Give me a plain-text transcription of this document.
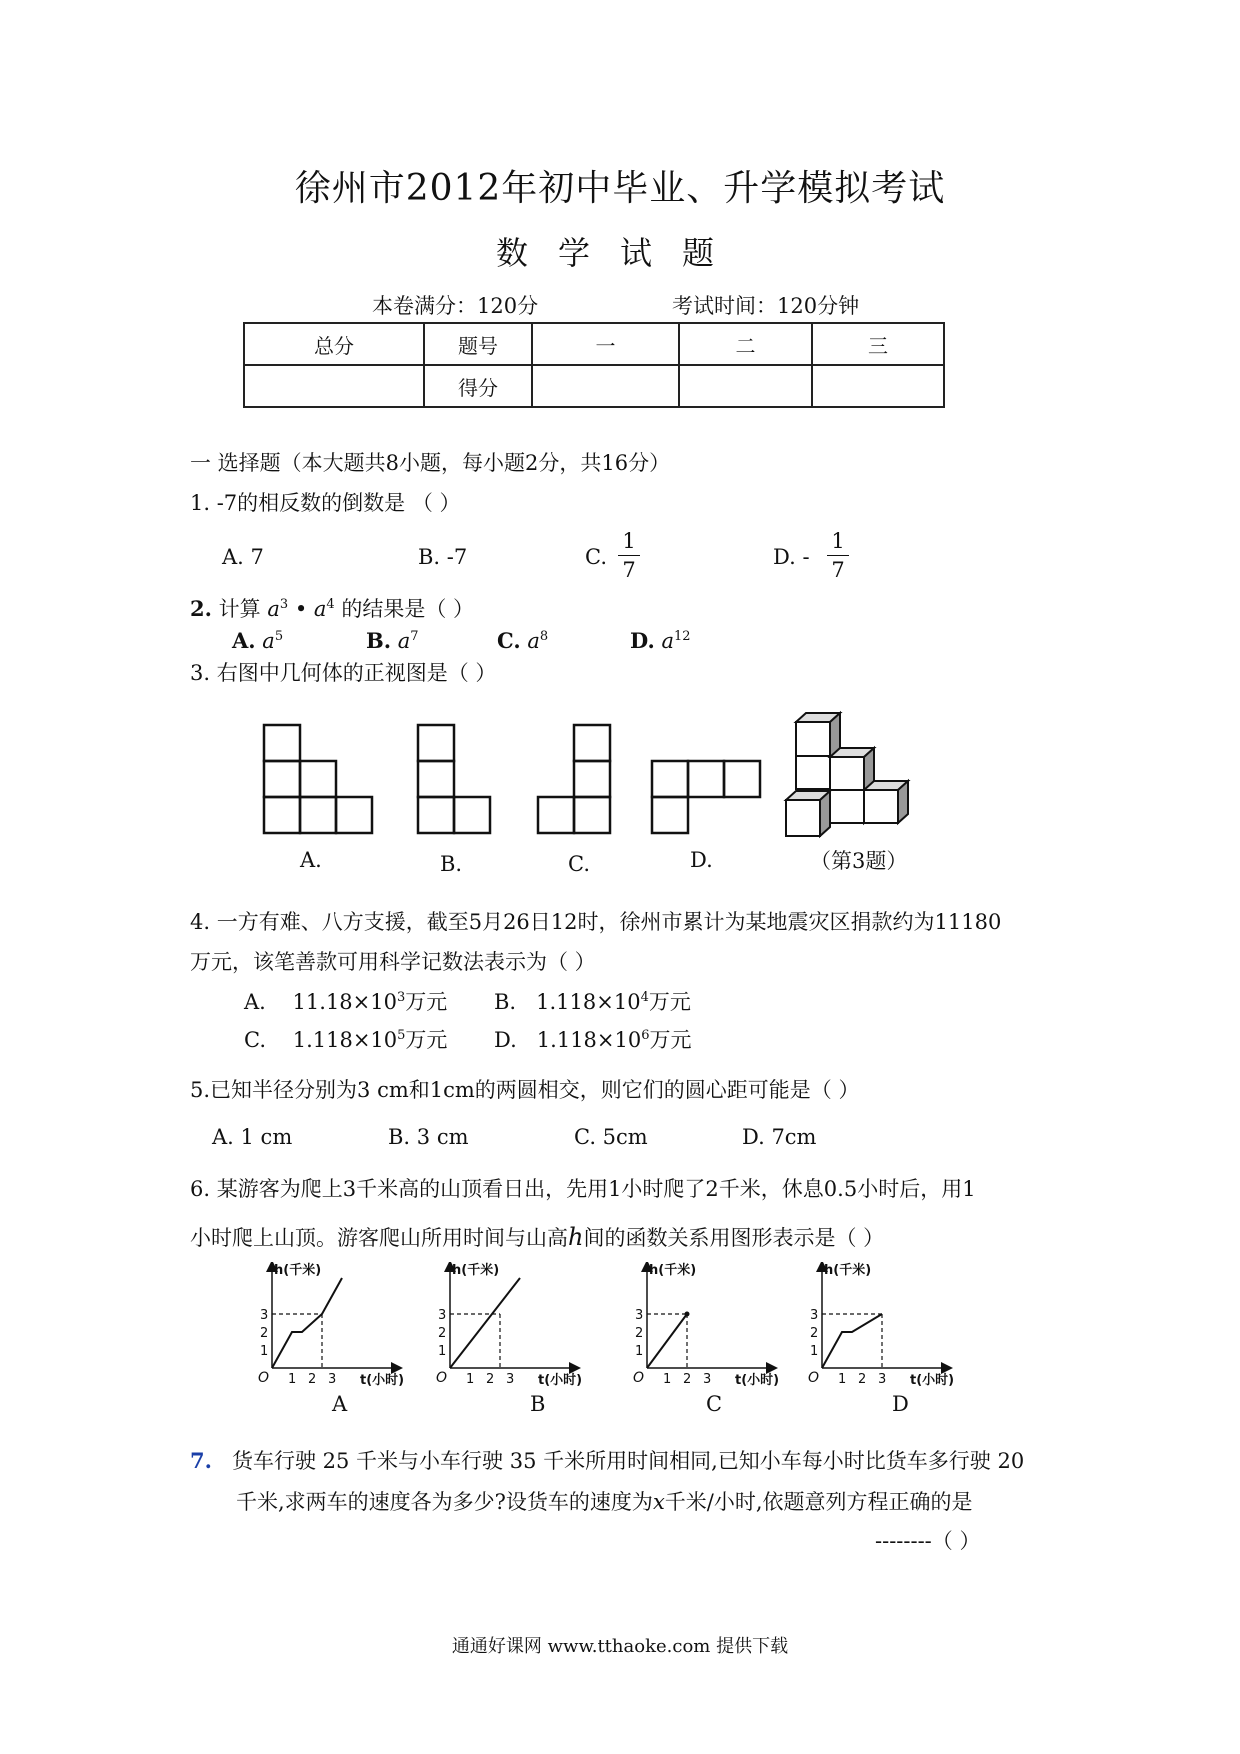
徐州市2012年初中毕业、升学模拟考试
数学试题
本卷满分：120分	考试时间：120分钟
总分	题号	一	二	三
	得分			
一 选择题（本大题共8小题，每小题2分，共16分）
1. -7的相反数的倒数是 （ ）
A. 7	B. -7	C.
1
7
D. -
1
7
2. 计算 $a^3$ • $a^4$ 的结果是（ ）
A. $a^5$	B. $a^7$	C. $a^8$	D. $a^{12}$
3. 右图中几何体的正视图是（ ）
A.	B.	C.	D.	（第3题）
4. 一方有难、八方支援，截至5月26日12时，徐州市累计为某地震灾区捐款约为11180
万元，该笔善款可用科学记数法表示为（ ）
A. $11.18\times 10^3$万元 B. $1.118\times 10^4$万元
C. $1.118\times 10^5$万元 D. $1.118\times 10^6$万元
5.已知半径分别为3 cm和1cm的两圆相交，则它们的圆心距可能是（ ）
A. 1 cm	B. 3 cm	C. 5cm	D. 7cm
6. 某游客为爬上3千米高的山顶看日出，先用1小时爬了2千米，休息0.5小时后，用1
小时爬上山顶。游客爬山所用时间与山高h间的函数关系用图形表示是（ ）
h(千米)
t(小时)
O
1
2
3
1 2 3
h(千米)
t(小时)
O
1
2
3
1 2 3
h(千米)
t(小时)
O
1
2
3
1 2 3
h(千米)
t(小时)
O
1
2
3
1 2 3
A	B	C	D
7. 货车行驶 25 千米与小车行驶 35 千米所用时间相同,已知小车每小时比货车多行驶 20
千米,求两车的速度各为多少?设货车的速度为x千米/小时,依题意列方程正确的是
--------（ ）
通通好课网 www.tthaoke.com 提供下载
